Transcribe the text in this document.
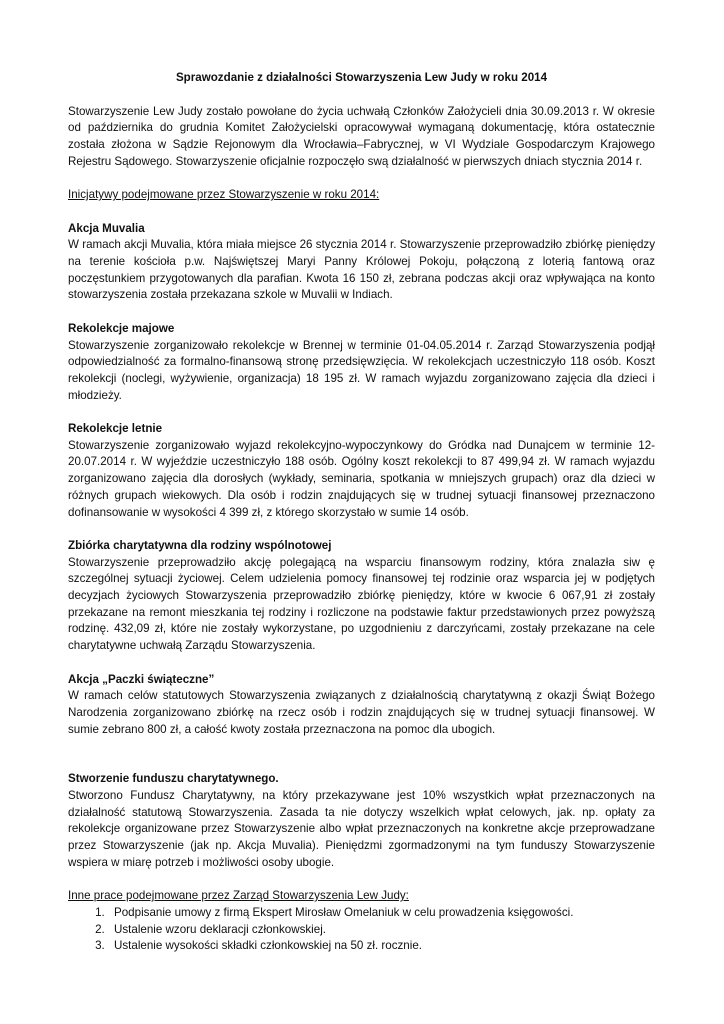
Sprawozdanie z działalności Stowarzyszenia Lew Judy w roku 2014

Stowarzyszenie Lew Judy zostało powołane do życia uchwałą Członków Założycieli dnia 30.09.2013 r. W okresie od października do grudnia Komitet Założycielski opracowywał wymaganą dokumentację, która ostatecznie została złożona w Sądzie Rejonowym dla Wrocławia–Fabrycznej, w VI Wydziale Gospodarczym Krajowego Rejestru Sądowego. Stowarzyszenie oficjalnie rozpoczęło swą działalność w pierwszych dniach stycznia 2014 r.

Inicjatywy podejmowane przez Stowarzyszenie w roku 2014:

Akcja Muvalia

W ramach akcji Muvalia, która miała miejsce 26 stycznia 2014 r. Stowarzyszenie przeprowadziło zbiórkę pieniędzy na terenie kościoła p.w. Najświętszej Maryi Panny Królowej Pokoju, połączoną z loterią fantową oraz poczęstunkiem przygotowanych dla parafian. Kwota 16 150 zł, zebrana podczas akcji oraz wpływająca na konto stowarzyszenia została przekazana szkole w Muvalii w Indiach.

Rekolekcje majowe

Stowarzyszenie zorganizowało rekolekcje w Brennej w terminie 01-04.05.2014 r. Zarząd Stowarzyszenia podjął odpowiedzialność za formalno-finansową stronę przedsięwzięcia. W rekolekcjach uczestniczyło 118 osób. Koszt rekolekcji (noclegi, wyżywienie, organizacja) 18 195 zł. W ramach wyjazdu zorganizowano zajęcia dla dzieci i młodzieży.

Rekolekcje letnie

Stowarzyszenie zorganizowało wyjazd rekolekcyjno-wypoczynkowy do Gródka nad Dunajcem w terminie 12-20.07.2014 r. W wyjeździe uczestniczyło 188 osób. Ogólny koszt rekolekcji to 87 499,94 zł. W ramach wyjazdu zorganizowano zajęcia dla dorosłych (wykłady, seminaria, spotkania w mniejszych grupach) oraz dla dzieci w różnych grupach wiekowych. Dla osób i rodzin znajdujących się w trudnej sytuacji finansowej przeznaczono dofinansowanie w wysokości 4 399 zł, z którego skorzystało w sumie 14 osób.

Zbiórka charytatywna dla rodziny wspólnotowej

Stowarzyszenie przeprowadziło akcję polegającą na wsparciu finansowym rodziny, która znalazła siw ę szczególnej sytuacji życiowej. Celem udzielenia pomocy finansowej tej rodzinie oraz wsparcia jej w podjętych decyzjach życiowych Stowarzyszenia przeprowadziło zbiórkę pieniędzy, które w kwocie 6 067,91 zł zostały przekazane na remont mieszkania tej rodziny i rozliczone na podstawie faktur przedstawionych przez powyższą rodzinę. 432,09 zł, które nie zostały wykorzystane, po uzgodnieniu z darczyńcami, zostały przekazane na cele charytatywne uchwałą Zarządu Stowarzyszenia.

Akcja „Paczki świąteczne”

W ramach celów statutowych Stowarzyszenia związanych z działalnością charytatywną z okazji Świąt Bożego Narodzenia zorganizowano zbiórkę na rzecz osób i rodzin znajdujących się w trudnej sytuacji finansowej. W sumie zebrano 800 zł, a całość kwoty została przeznaczona na pomoc dla ubogich.

Stworzenie funduszu charytatywnego.

Stworzono Fundusz Charytatywny, na który przekazywane jest 10% wszystkich wpłat przeznaczonych na działalność statutową Stowarzyszenia. Zasada ta nie dotyczy wszelkich wpłat celowych, jak. np. opłaty za rekolekcje organizowane przez Stowarzyszenie albo wpłat przeznaczonych na konkretne akcje przeprowadzane przez Stowarzyszenie (jak np. Akcja Muvalia). Pieniędzmi zgormadzonymi na tym funduszy Stowarzyszenie wspiera w miarę potrzeb i możliwości osoby ubogie.

Inne prace podejmowane przez Zarząd Stowarzyszenia Lew Judy:

1. Podpisanie umowy z firmą Ekspert Mirosław Omelaniuk w celu prowadzenia księgowości.
2. Ustalenie wzoru deklaracji członkowskiej.
3. Ustalenie wysokości składki członkowskiej na 50 zł. rocznie.
